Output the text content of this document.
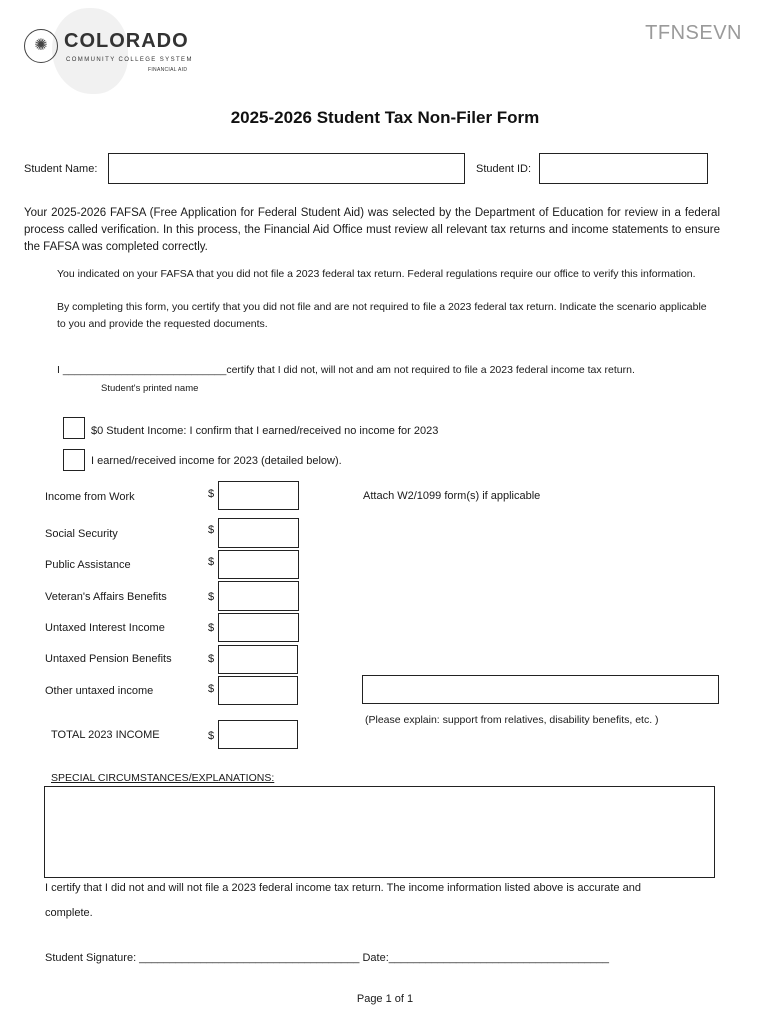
✺ COLORADO
COMMUNITY COLLEGE SYSTEM
FINANCIAL AID
TFNSEVN
2025-2026 Student Tax Non-Filer Form
Student Name:	Student ID:
Your 2025-2026 FAFSA (Free Application for Federal Student Aid) was selected by the Department of Education for review in a federal process called verification. In this process, the Financial Aid Office must review all relevant tax returns and income statements to ensure the FAFSA was completed correctly.
You indicated on your FAFSA that you did not file a 2023 federal tax return. Federal regulations require our office to verify this information.
By completing this form, you certify that you did not file and are not required to file a 2023 federal tax return. Indicate the scenario applicable to you and provide the requested documents.
I ____________________________certify that I did not, will not and am not required to file a 2023 federal income tax return.
Student's printed name
$0 Student Income: I confirm that I earned/received no income for 2023
I earned/received income for 2023 (detailed below).
Income from Work	$	Attach W2/1099 form(s) if applicable
Social Security	$
Public Assistance	$
Veteran's Affairs Benefits	$
Untaxed Interest Income	$
Untaxed Pension Benefits	$
Other untaxed income	$
(Please explain: support from relatives, disability benefits, etc. )
TOTAL 2023 INCOME	$
SPECIAL CIRCUMSTANCES/EXPLANATIONS:
I certify that I did not and will not file a 2023 federal income tax return. The income information listed above is accurate and
complete.
Student Signature: ____________________________________ Date:____________________________________
Page 1 of 1
